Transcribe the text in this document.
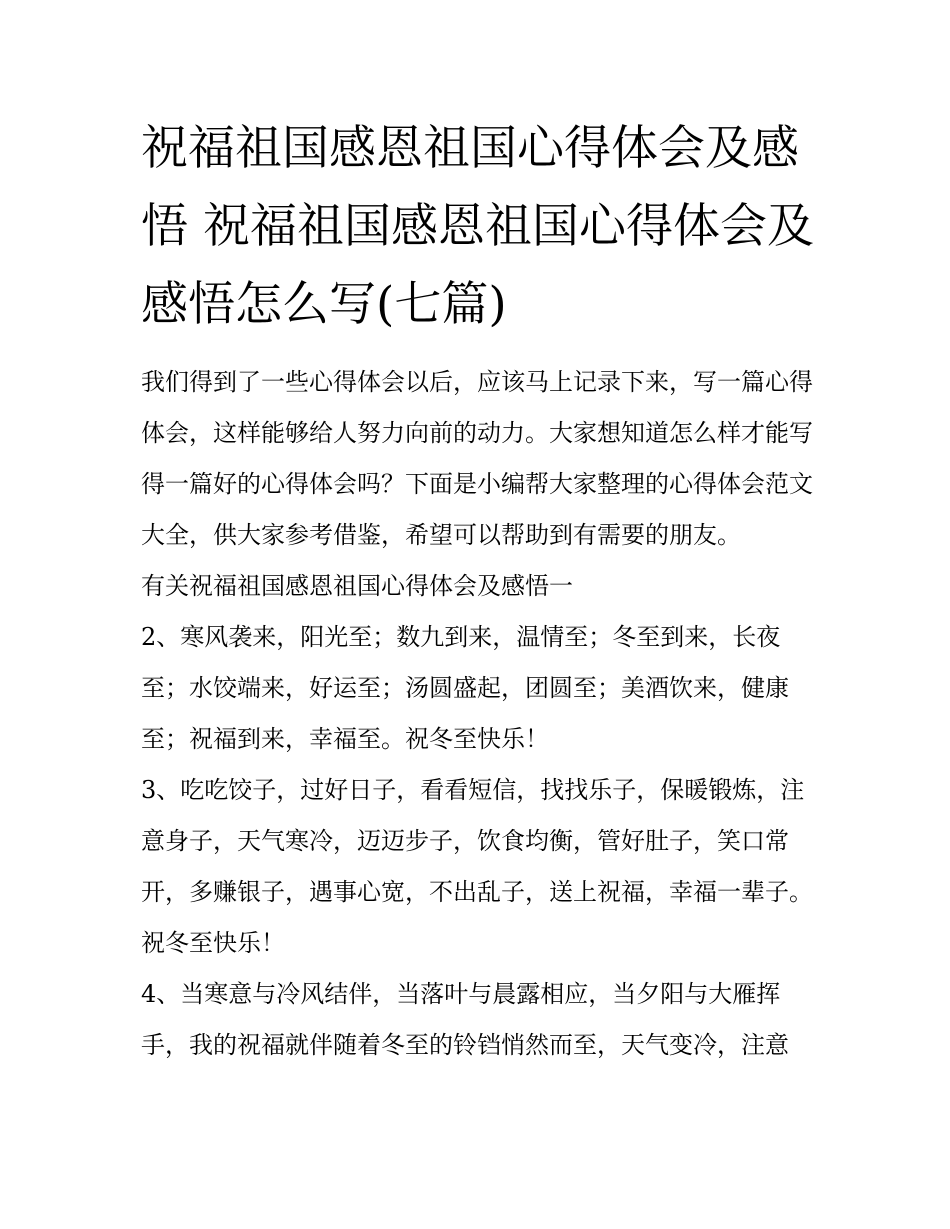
祝福祖国感恩祖国心得体会及感悟 祝福祖国感恩祖国心得体会及感悟怎么写(七篇)

我们得到了一些心得体会以后，应该马上记录下来，写一篇心得体会，这样能够给人努力向前的动力。大家想知道怎么样才能写得一篇好的心得体会吗？下面是小编帮大家整理的心得体会范文大全，供大家参考借鉴，希望可以帮助到有需要的朋友。

有关祝福祖国感恩祖国心得体会及感悟一

2、寒风袭来，阳光至；数九到来，温情至；冬至到来，长夜至；水饺端来，好运至；汤圆盛起，团圆至；美酒饮来，健康至；祝福到来，幸福至。祝冬至快乐！

3、吃吃饺子，过好日子，看看短信，找找乐子，保暖锻炼，注意身子，天气寒冷，迈迈步子，饮食均衡，管好肚子，笑口常开，多赚银子，遇事心宽，不出乱子，送上祝福，幸福一辈子。祝冬至快乐！

4、当寒意与冷风结伴，当落叶与晨露相应，当夕阳与大雁挥手，我的祝福就伴随着冬至的铃铛悄然而至，天气变冷，注意
